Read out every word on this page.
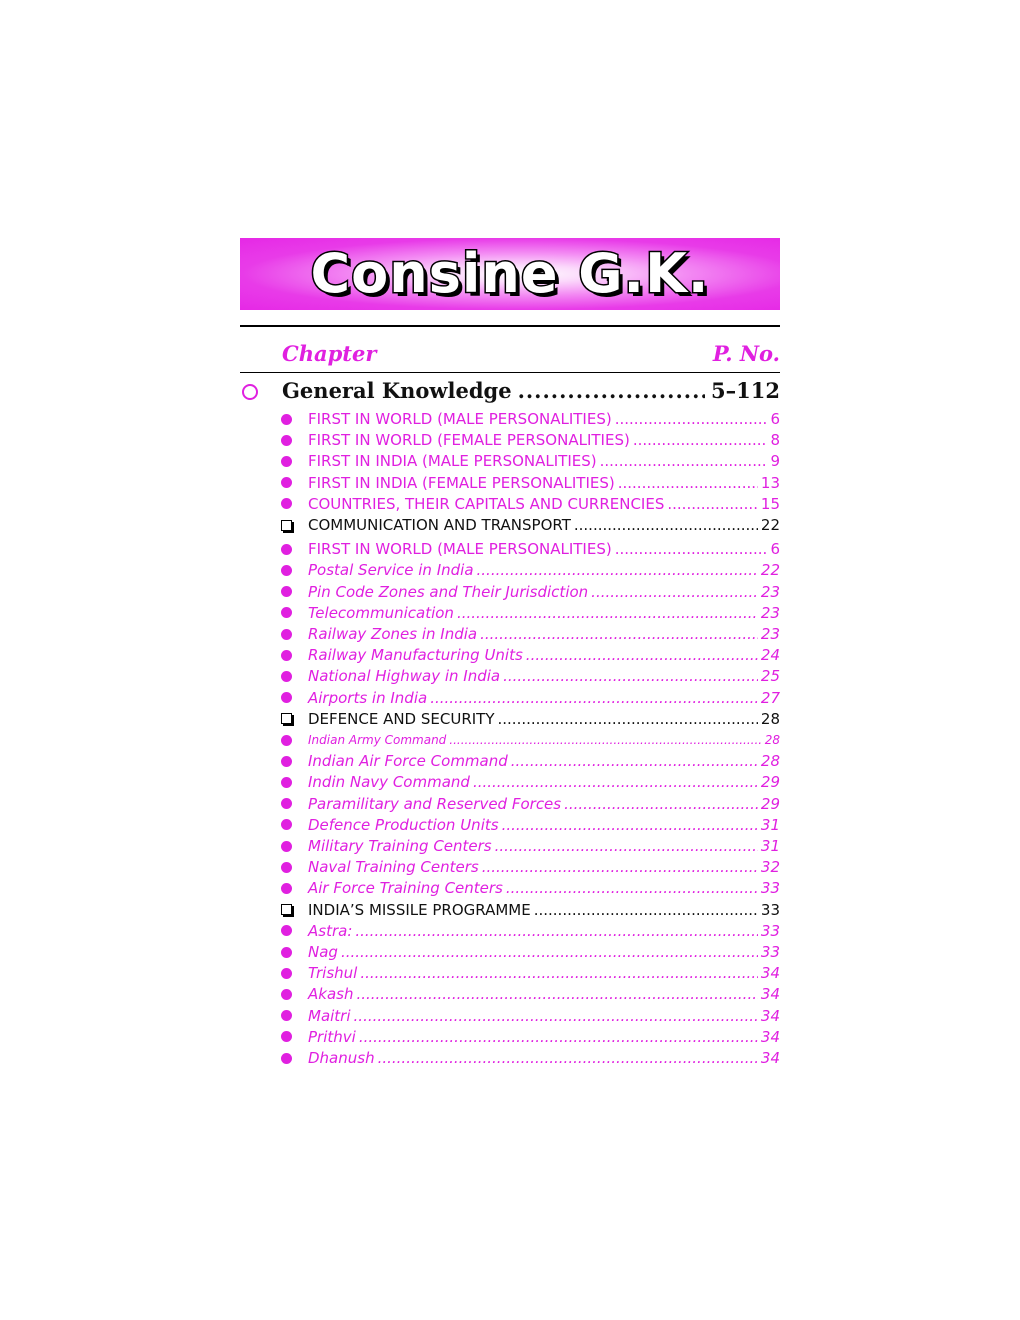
Consine G.K.
Chapter	P. No.
General Knowledge .....	5–112
FIRST IN WORLD (MALE PERSONALITIES) .....	6
FIRST IN WORLD (FEMALE PERSONALITIES) .....	8
FIRST IN INDIA (MALE PERSONALITIES) .....	9
FIRST IN INDIA (FEMALE PERSONALITIES) .....	13
COUNTRIES, THEIR CAPITALS AND CURRENCIES .....	15
COMMUNICATION AND TRANSPORT .....	22
FIRST IN WORLD (MALE PERSONALITIES) .....	6
Postal Service in India .....	22
Pin Code Zones and Their Jurisdiction .....	23
Telecommunication .....	23
Railway Zones in India .....	23
Railway Manufacturing Units .....	24
National Highway in India .....	25
Airports in India .....	27
DEFENCE AND SECURITY .....	28
Indian Army Command .....	28
Indian Air Force Command .....	28
Indin Navy Command .....	29
Paramilitary and Reserved Forces .....	29
Defence Production Units .....	31
Military Training Centers .....	31
Naval Training Centers .....	32
Air Force Training Centers .....	33
INDIA’S MISSILE PROGRAMME .....	33
Astra: .....	33
Nag .....	33
Trishul .....	34
Akash .....	34
Maitri .....	34
Prithvi .....	34
Dhanush .....	34
